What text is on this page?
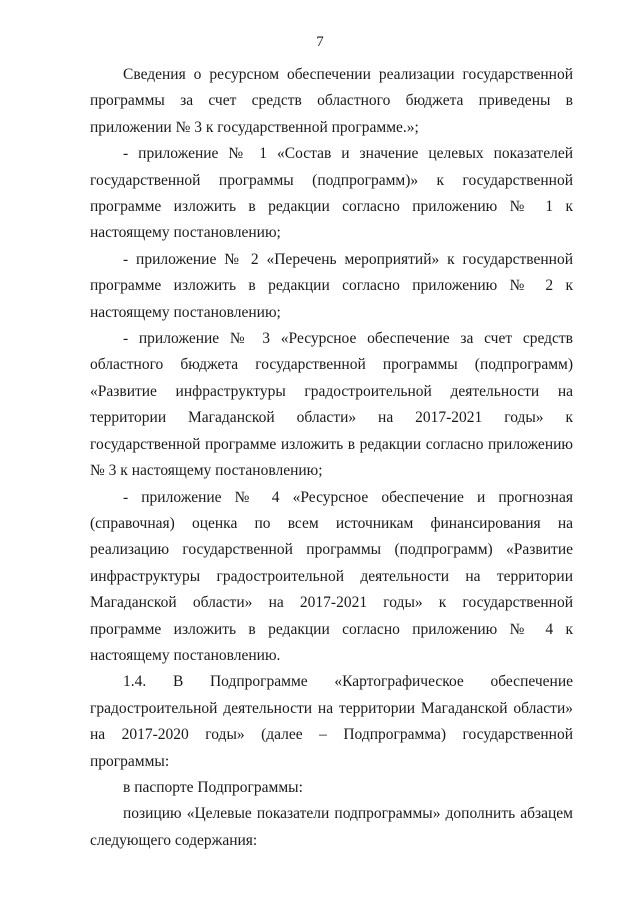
7

Сведения о ресурсном обеспечении реализации государственной программы за счет средств областного бюджета приведены в приложении № 3 к государственной программе.»;

- приложение № 1 «Состав и значение целевых показателей государственной программы (подпрограмм)» к государственной программе изложить в редакции согласно приложению № 1 к настоящему постановлению;

- приложение № 2 «Перечень мероприятий» к государственной программе изложить в редакции согласно приложению № 2 к настоящему постановлению;

- приложение № 3 «Ресурсное обеспечение за счет средств областного бюджета государственной программы (подпрограмм) «Развитие инфраструктуры градостроительной деятельности на территории Магаданской области» на 2017-2021 годы» к государственной программе изложить в редакции согласно приложению № 3 к настоящему постановлению;

- приложение № 4 «Ресурсное обеспечение и прогнозная (справочная) оценка по всем источникам финансирования на реализацию государственной программы (подпрограмм) «Развитие инфраструктуры градостроительной деятельности на территории Магаданской области» на 2017-2021 годы» к государственной программе изложить в редакции согласно приложению № 4 к настоящему постановлению.

1.4. В Подпрограмме «Картографическое обеспечение градостроительной деятельности на территории Магаданской области» на 2017-2020 годы» (далее – Подпрограмма) государственной программы:

в паспорте Подпрограммы:

позицию «Целевые показатели подпрограммы» дополнить абзацем следующего содержания:
